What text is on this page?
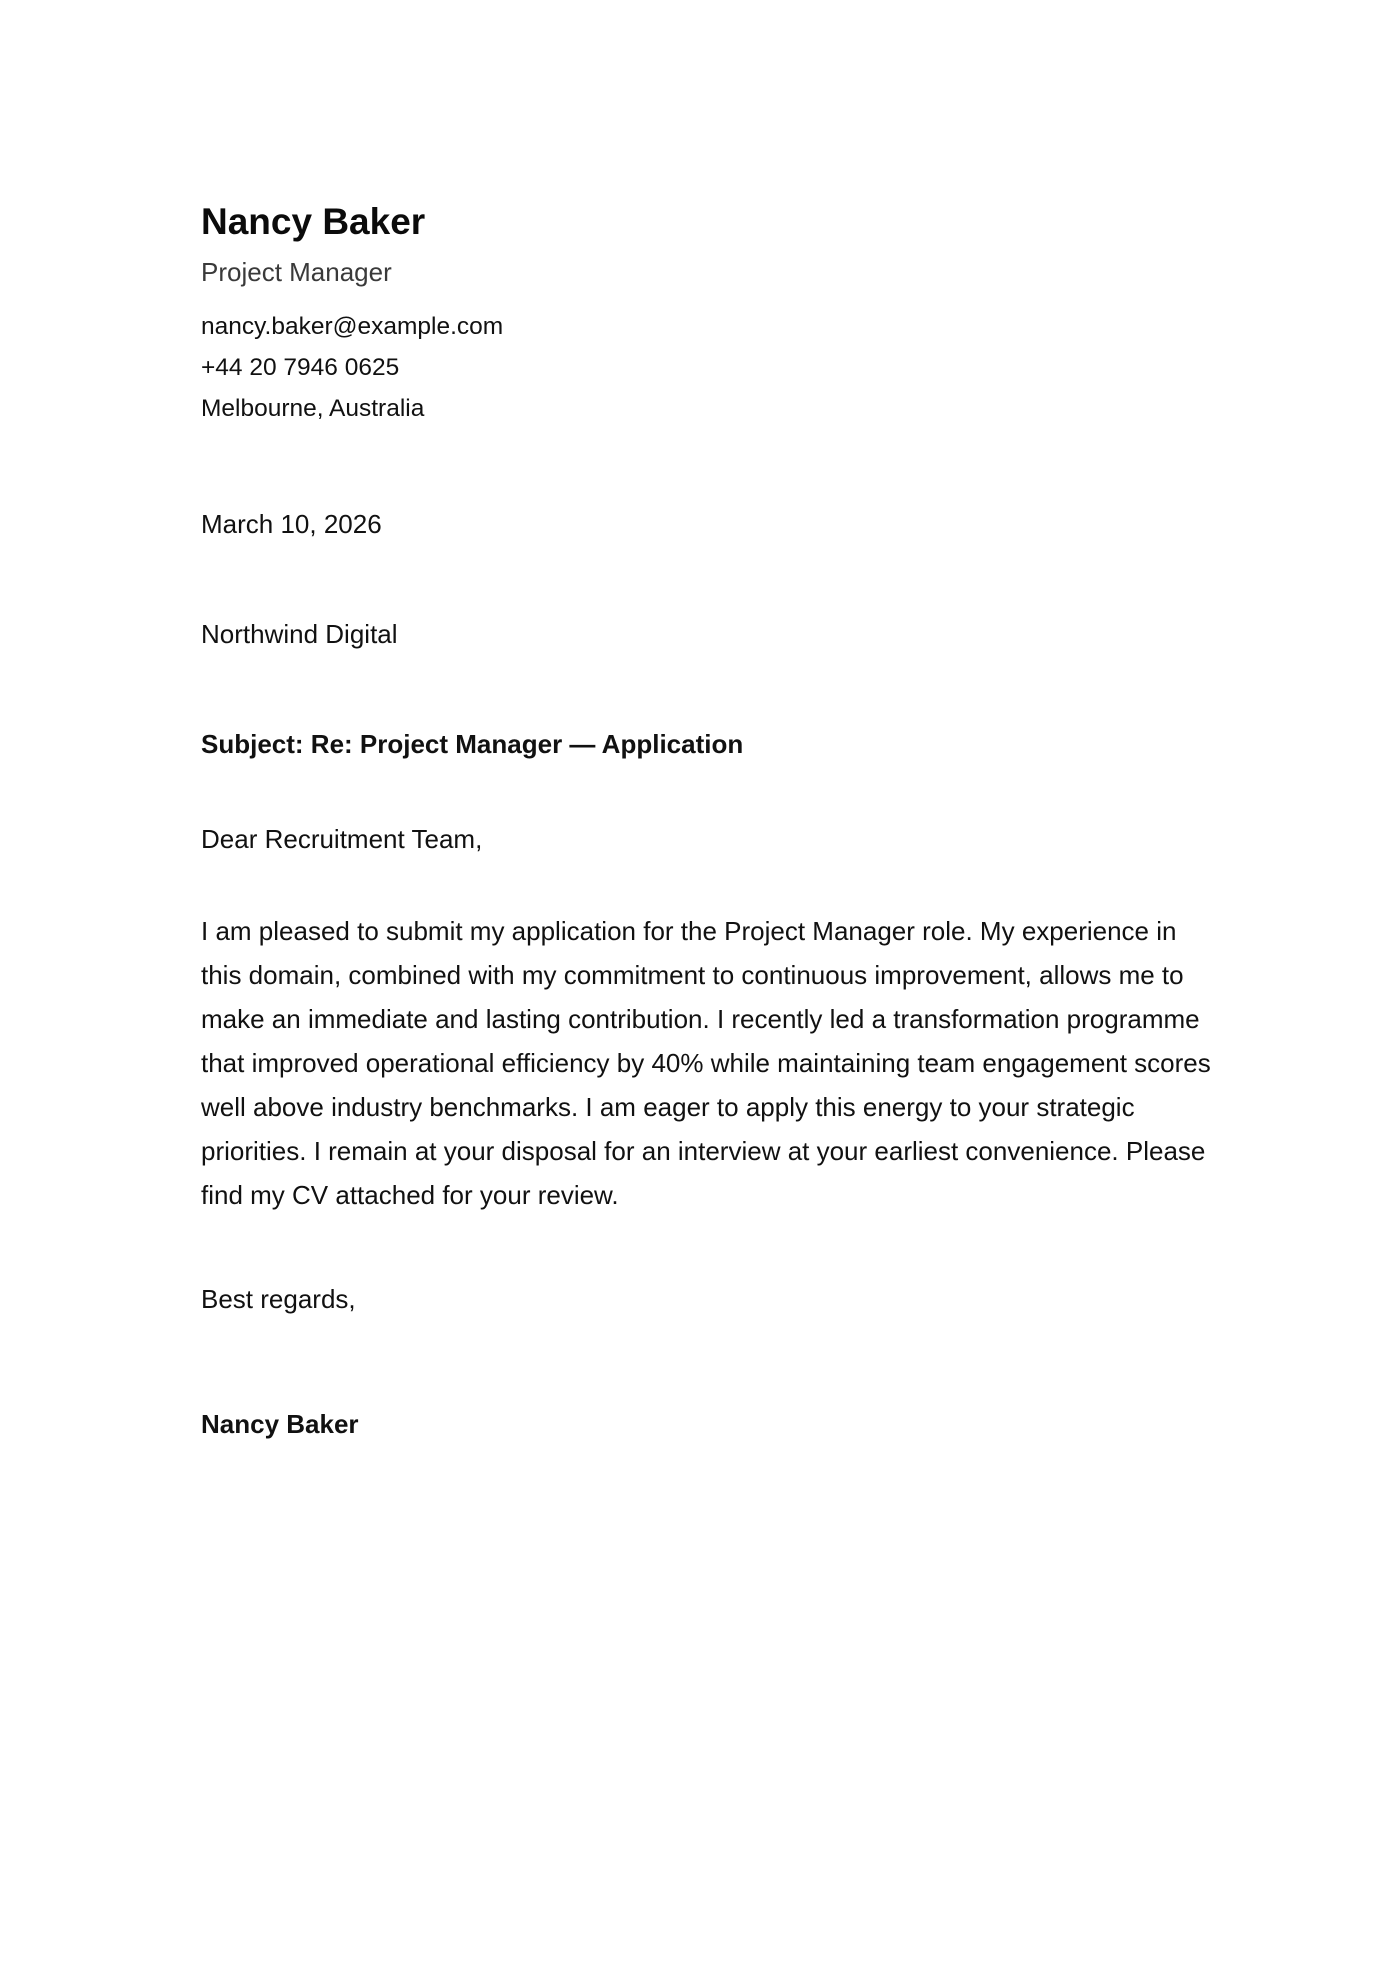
Nancy Baker
Project Manager
nancy.baker@example.com
+44 20 7946 0625
Melbourne, Australia
March 10, 2026
Northwind Digital
Subject: Re: Project Manager — Application
Dear Recruitment Team,

I am pleased to submit my application for the Project Manager role. My experience in this domain, combined with my commitment to continuous improvement, allows me to make an immediate and lasting contribution. I recently led a transformation programme that improved operational efficiency by 40% while maintaining team engagement scores well above industry benchmarks. I am eager to apply this energy to your strategic priorities. I remain at your disposal for an interview at your earliest convenience. Please find my CV attached for your review.

Best regards,
Nancy Baker
